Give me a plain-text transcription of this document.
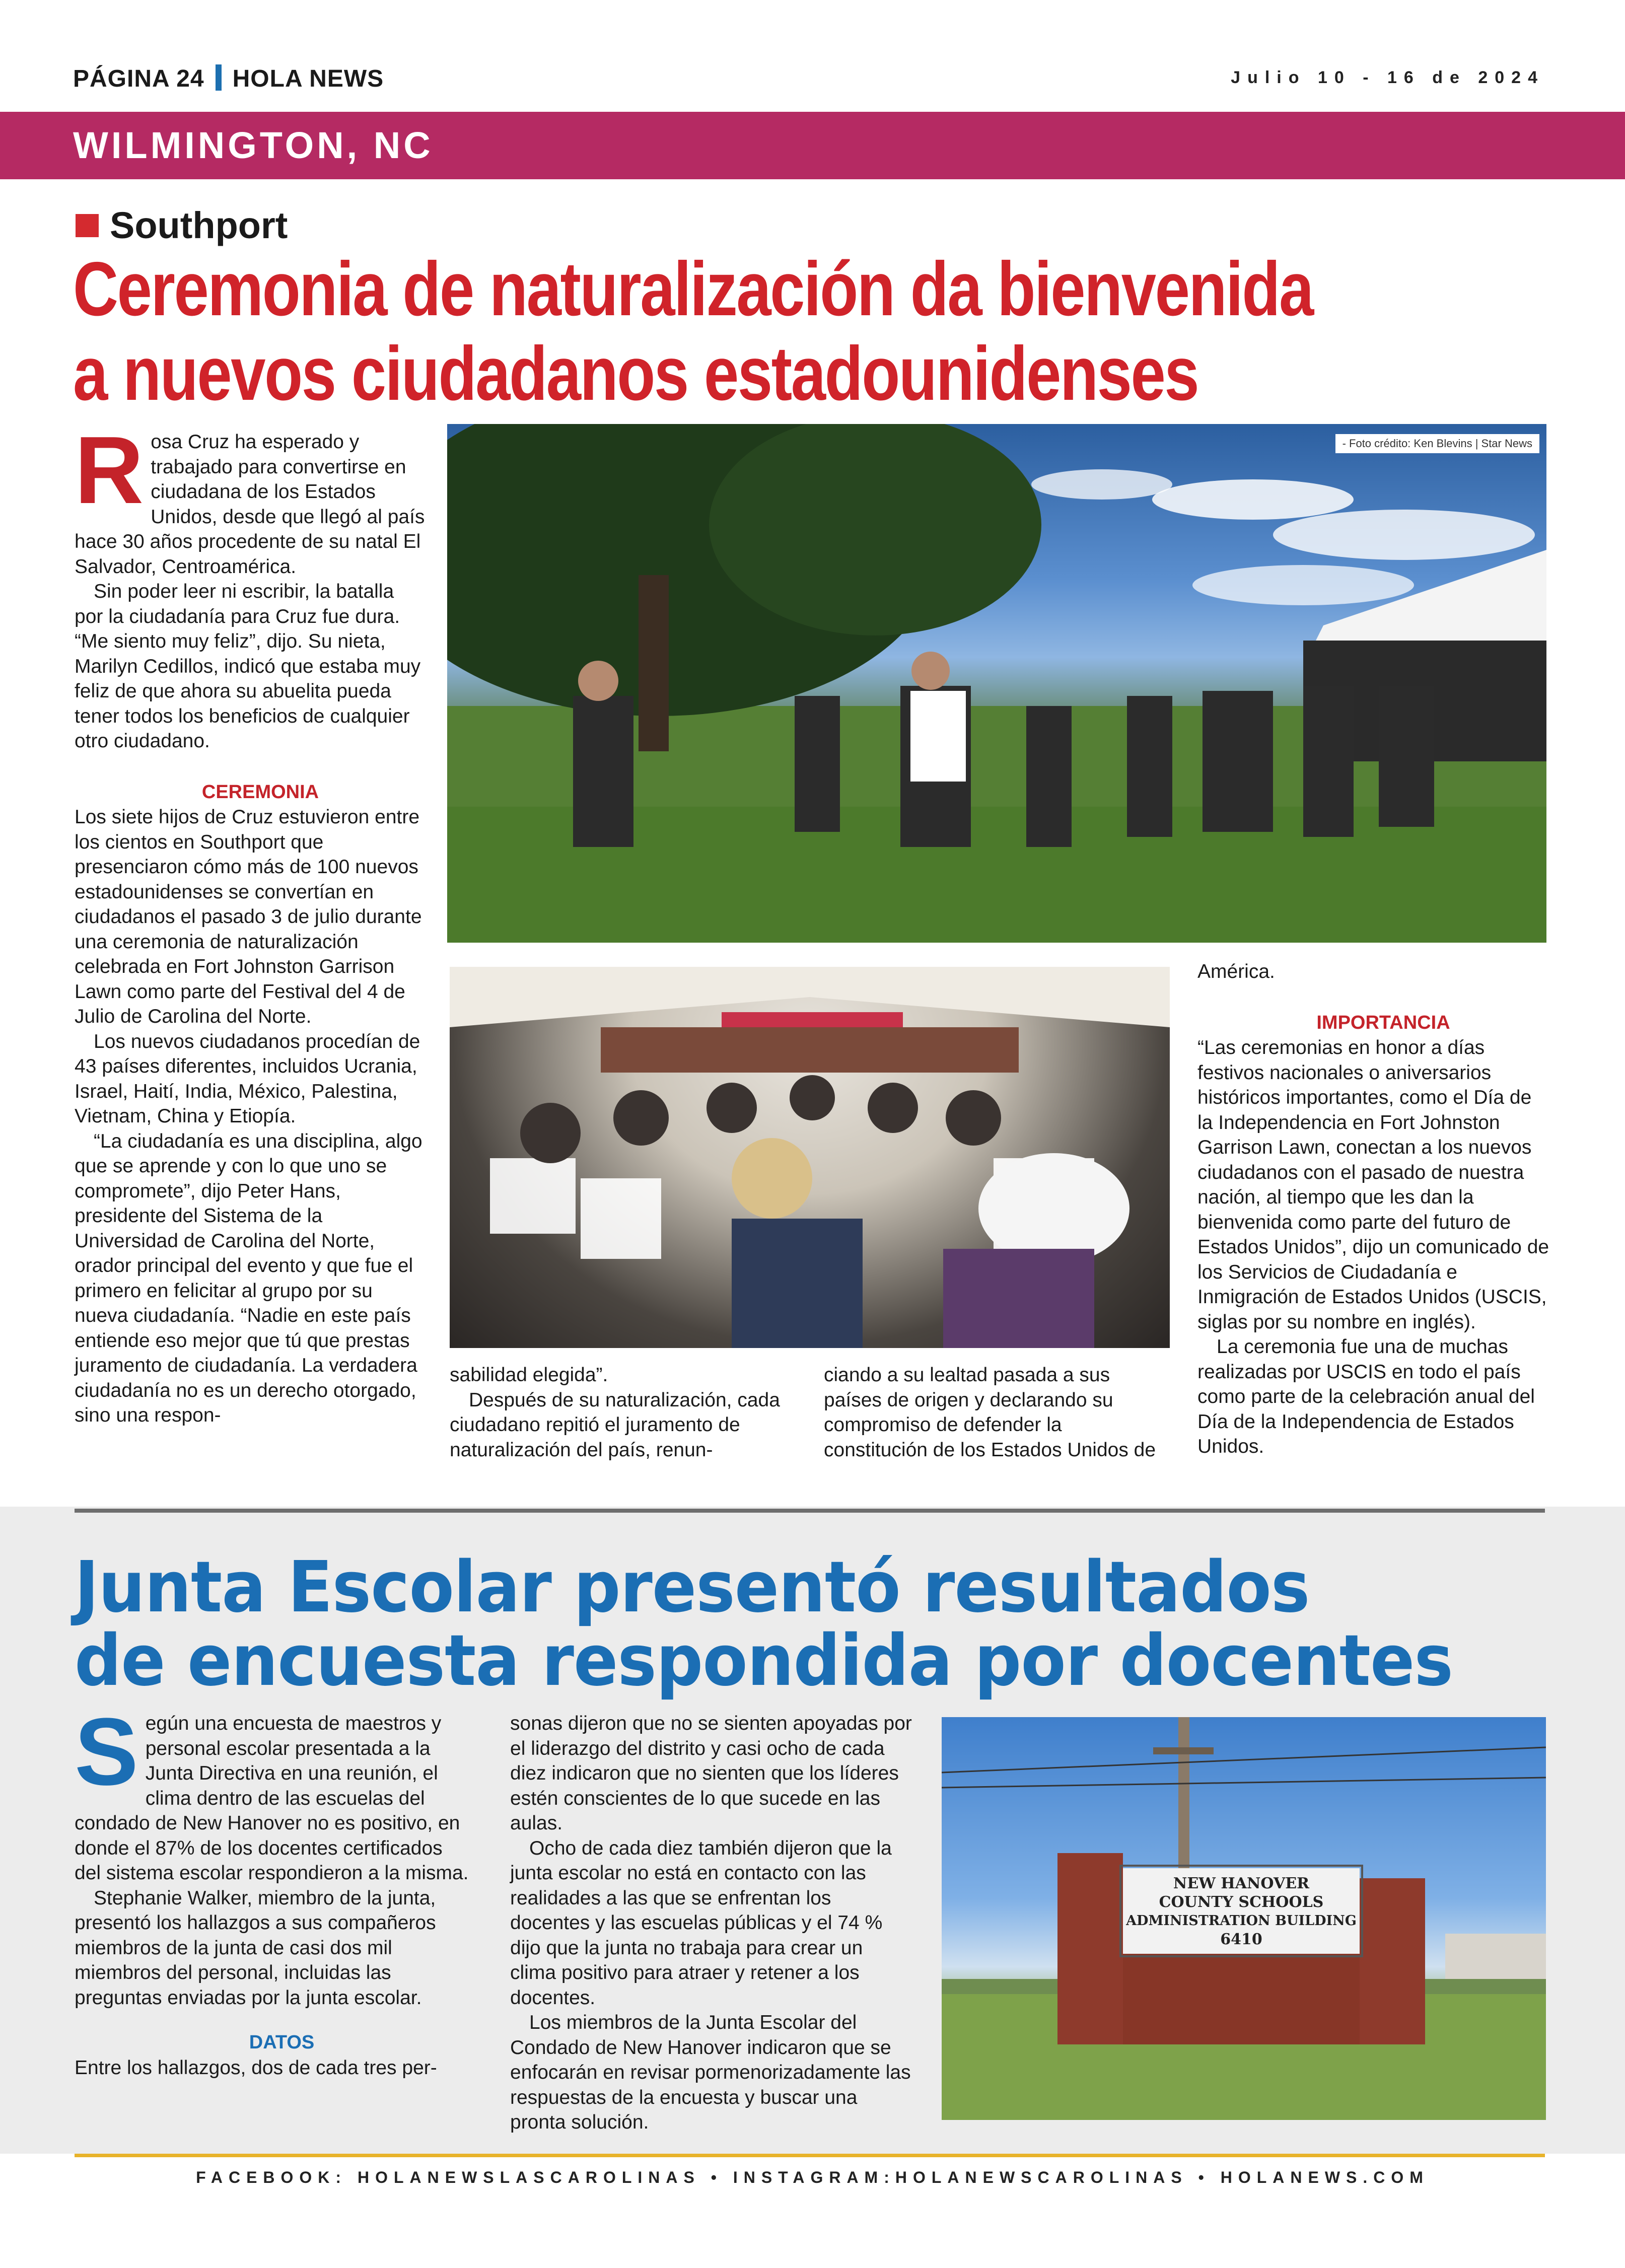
PÁGINA 24 HOLA NEWS	Julio 10 - 16 de 2024
WILMINGTON, NC
Southport
Ceremonia de naturalización da bienvenida
a nuevos ciudadanos estadounidenses

Rosa Cruz ha esperado y trabajado para convertirse en ciudadana de los Estados Unidos, desde que llegó al país hace 30 años procedente de su natal El Salvador, Centroamérica.

Sin poder leer ni escribir, la batalla por la ciudadanía para Cruz fue dura. “Me siento muy feliz”, dijo. Su nieta, Marilyn Cedillos, indicó que estaba muy feliz de que ahora su abuelita pueda tener todos los beneficios de cualquier otro ciudadano.

CEREMONIA

Los siete hijos de Cruz estuvieron entre los cientos en Southport que presenciaron cómo más de 100 nuevos estadounidenses se convertían en ciudadanos el pasado 3 de julio durante una ceremonia de naturalización celebrada en Fort Johnston Garrison Lawn como parte del Festival del 4 de Julio de Carolina del Norte.

Los nuevos ciudadanos procedían de 43 países diferentes, incluidos Ucrania, Israel, Haití, India, México, Palestina, Vietnam, China y Etiopía.

“La ciudadanía es una disciplina, algo que se aprende y con lo que uno se compromete”, dijo Peter Hans, presidente del Sistema de la Universidad de Carolina del Norte, orador principal del evento y que fue el primero en felicitar al grupo por su nueva ciudadanía. “Nadie en este país entiende eso mejor que tú que prestas juramento de ciudadanía. La verdadera ciudadanía no es un derecho otorgado, sino una respon-

- Foto crédito: Ken Blevins | Star News

sabilidad elegida”.

Después de su naturalización, cada ciudadano repitió el juramento de naturalización del país, renun-

ciando a su lealtad pasada a sus países de origen y declarando su compromiso de defender la constitución de los Estados Unidos de

América.

IMPORTANCIA

“Las ceremonias en honor a días festivos nacionales o aniversarios históricos importantes, como el Día de la Independencia en Fort Johnston Garrison Lawn, conectan a los nuevos ciudadanos con el pasado de nuestra nación, al tiempo que les dan la bienvenida como parte del futuro de Estados Unidos”, dijo un comunicado de los Servicios de Ciudadanía e Inmigración de Estados Unidos (USCIS, siglas por su nombre en inglés).

La ceremonia fue una de muchas realizadas por USCIS en todo el país como parte de la celebración anual del Día de la Independencia de Estados Unidos.

Junta Escolar presentó resultados
de encuesta respondida por docentes

Según una encuesta de maestros y personal escolar presentada a la Junta Directiva en una reunión, el clima dentro de las escuelas del condado de New Hanover no es positivo, en donde el 87% de los docentes certificados del sistema escolar respondieron a la misma.

Stephanie Walker, miembro de la junta, presentó los hallazgos a sus compañeros miembros de la junta de casi dos mil miembros del personal, incluidas las preguntas enviadas por la junta escolar.

DATOS

Entre los hallazgos, dos de cada tres per-

sonas dijeron que no se sienten apoyadas por el liderazgo del distrito y casi ocho de cada diez indicaron que no sienten que los líderes estén conscientes de lo que sucede en las aulas.

Ocho de cada diez también dijeron que la junta escolar no está en contacto con las realidades a las que se enfrentan los docentes y las escuelas públicas y el 74 % dijo que la junta no trabaja para crear un clima positivo para atraer y retener a los docentes.

Los miembros de la Junta Escolar del Condado de New Hanover indicaron que se enfocarán en revisar pormenorizadamente las respuestas de la encuesta y buscar una pronta solución.

NEW HANOVER
COUNTY SCHOOLS
ADMINISTRATION BUILDING
6410
FACEBOOK: HOLANEWSLASCAROLINAS • INSTAGRAM:HOLANEWSCAROLINAS • HOLANEWS.COM
